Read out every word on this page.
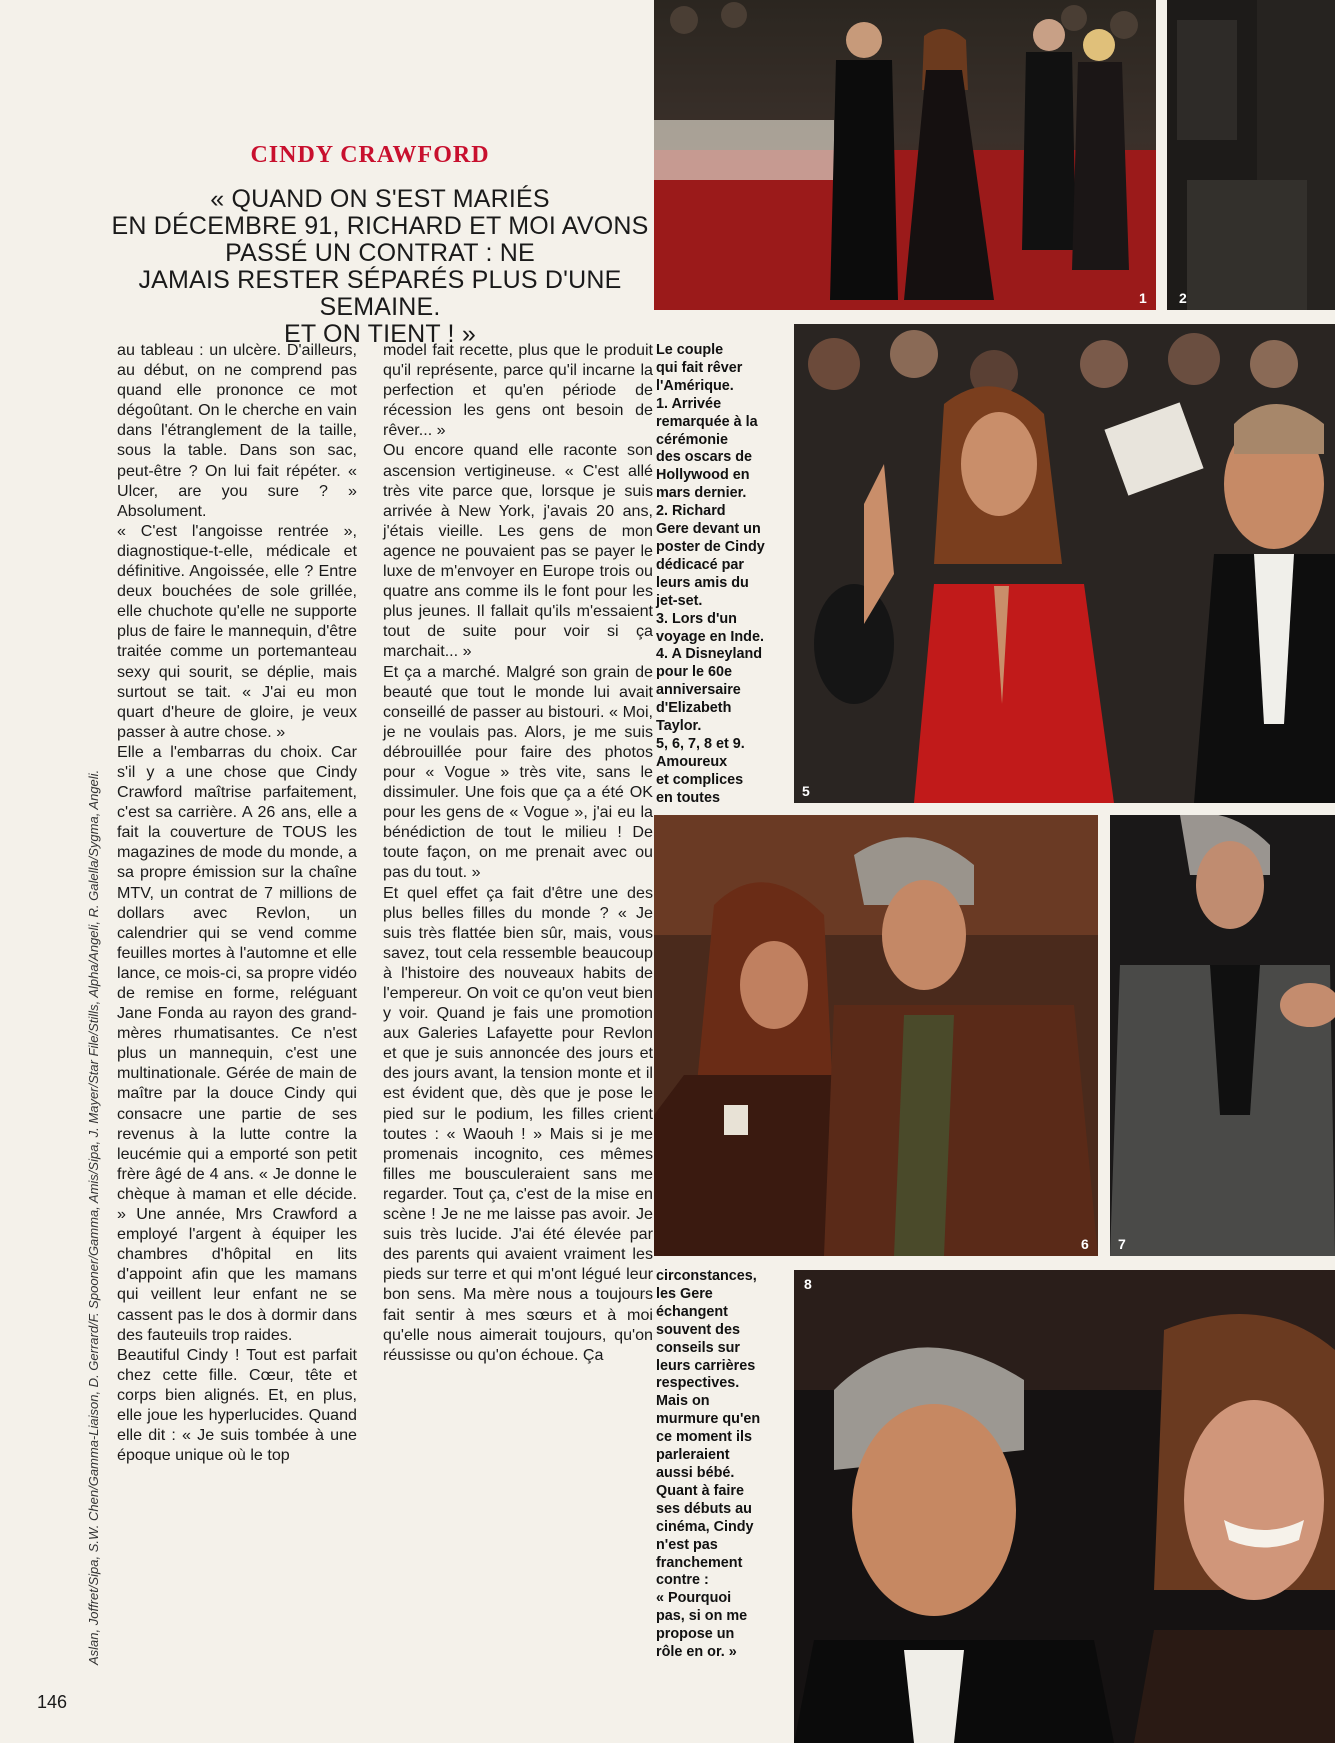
CINDY CRAWFORD
« QUAND ON S'EST MARIÉS
EN DÉCEMBRE 91, RICHARD ET MOI AVONS
PASSÉ UN CONTRAT : NE
JAMAIS RESTER SÉPARÉS PLUS D'UNE SEMAINE.
ET ON TIENT ! »
au tableau : un ulcère. D'ailleurs, au début, on ne comprend pas quand elle prononce ce mot dégoûtant. On le cherche en vain dans l'étranglement de la taille, sous la table. Dans son sac, peut-être ? On lui fait répéter. « Ulcer, are you sure ? » Absolument.
« C'est l'angoisse rentrée », diagnostique-t-elle, médicale et définitive. Angoissée, elle ? Entre deux bouchées de sole grillée, elle chuchote qu'elle ne supporte plus de faire le mannequin, d'être traitée comme un portemanteau sexy qui sourit, se déplie, mais surtout se tait. « J'ai eu mon quart d'heure de gloire, je veux passer à autre chose. »
Elle a l'embarras du choix. Car s'il y a une chose que Cindy Crawford maîtrise parfaitement, c'est sa carrière. A 26 ans, elle a fait la couverture de TOUS les magazines de mode du monde, a sa propre émission sur la chaîne MTV, un contrat de 7 millions de dollars avec Revlon, un calendrier qui se vend comme feuilles mortes à l'automne et elle lance, ce mois-ci, sa propre vidéo de remise en forme, reléguant Jane Fonda au rayon des grand-mères rhumatisantes. Ce n'est plus un mannequin, c'est une multinationale. Gérée de main de maître par la douce Cindy qui consacre une partie de ses revenus à la lutte contre la leucémie qui a emporté son petit frère âgé de 4 ans. « Je donne le chèque à maman et elle décide. » Une année, Mrs Crawford a employé l'argent à équiper les chambres d'hôpital en lits d'appoint afin que les mamans qui veillent leur enfant ne se cassent pas le dos à dormir dans des fauteuils trop raides.
Beautiful Cindy ! Tout est parfait chez cette fille. Cœur, tête et corps bien alignés. Et, en plus, elle joue les hyperlucides. Quand elle dit : « Je suis tombée à une époque unique où le top
model fait recette, plus que le produit qu'il représente, parce qu'il incarne la perfection et qu'en période de récession les gens ont besoin de rêver... »
Ou encore quand elle raconte son ascension vertigineuse. « C'est allé très vite parce que, lorsque je suis arrivée à New York, j'avais 20 ans, j'étais vieille. Les gens de mon agence ne pouvaient pas se payer le luxe de m'envoyer en Europe trois ou quatre ans comme ils le font pour les plus jeunes. Il fallait qu'ils m'essaient tout de suite pour voir si ça marchait... »
Et ça a marché. Malgré son grain de beauté que tout le monde lui avait conseillé de passer au bistouri. « Moi, je ne voulais pas. Alors, je me suis débrouillée pour faire des photos pour « Vogue » très vite, sans le dissimuler. Une fois que ça a été OK pour les gens de « Vogue », j'ai eu la bénédiction de tout le milieu ! De toute façon, on me prenait avec ou pas du tout. »
Et quel effet ça fait d'être une des plus belles filles du monde ? « Je suis très flattée bien sûr, mais, vous savez, tout cela ressemble beaucoup à l'histoire des nouveaux habits de l'empereur. On voit ce qu'on veut bien y voir. Quand je fais une promotion aux Galeries Lafayette pour Revlon et que je suis annoncée des jours et des jours avant, la tension monte et il est évident que, dès que je pose le pied sur le podium, les filles crient toutes : « Waouh ! » Mais si je me promenais incognito, ces mêmes filles me bousculeraient sans me regarder. Tout ça, c'est de la mise en scène ! Je ne me laisse pas avoir. Je suis très lucide. J'ai été élevée par des parents qui avaient vraiment les pieds sur terre et qui m'ont légué leur bon sens. Ma mère nous a toujours fait sentir à mes sœurs et à moi qu'elle nous aimerait toujours, qu'on réussisse ou qu'on échoue. Ça
Le couple
qui fait rêver
l'Amérique.
1. Arrivée
remarquée à la
cérémonie
des oscars de
Hollywood en
mars dernier.
2. Richard
Gere devant un
poster de Cindy
dédicacé par
leurs amis du
jet-set.
3. Lors d'un
voyage en Inde.
4. A Disneyland
pour le 60e
anniversaire
d'Elizabeth
Taylor.
5, 6, 7, 8 et 9.
Amoureux
et complices
en toutes
circonstances,
les Gere
échangent
souvent des
conseils sur
leurs carrières
respectives.
Mais on
murmure qu'en
ce moment ils
parleraient
aussi bébé.
Quant à faire
ses débuts au
cinéma, Cindy
n'est pas
franchement
contre :
« Pourquoi
pas, si on me
propose un
rôle en or. »
Aslan, Joffret/Sipa, S.W. Chen/Gamma-Liaison, D. Gerrard/F. Spooner/Gamma, Amis/Sipa, J. Mayer/Star File/Stills, Alpha/Angeli, R. Galella/Sygma, Angeli.
146
1 2
5
6 7
8
